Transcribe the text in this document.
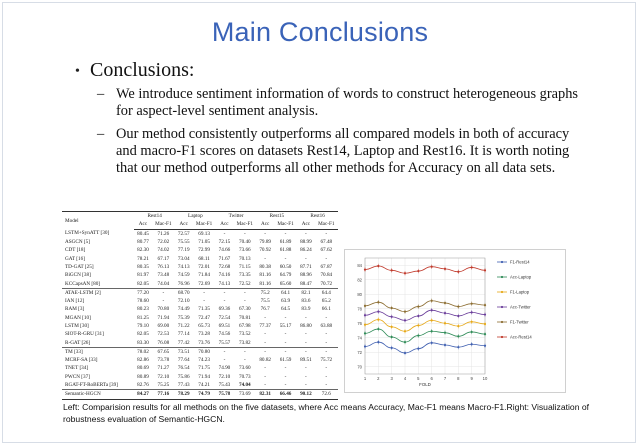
Main Conclusions
• Conclusions:
– We introduce sentiment information of words to construct heterogeneous graphs for aspect-level sentiment analysis.
– Our method consistently outperforms all compared models in both of accuracy and macro-F1 scores on datasets Rest14, Laptop and Rest16. It is worth noting that our method outperforms all other methods for Accuracy on all data sets.
Model	Rest14		Laptop		Twitter		Rest15		Rest16	
	Acc	Mac-F1	Acc	Mac-F1	Acc	Mac-F1	Acc	Mac-F1	Acc	Mac-F1
LSTM+SynATT [30]	80.45	71.26	72.57	69.13	-	-	-	-	-	-
ASGCN [5]	80.77	72.02	75.55	71.05	72.15	70.40	79.89	61.89	88.99	67.48
CDT [18]	82.30	74.02	77.19	72.99	74.66	73.66	70.92	61.88	86.24	67.62
GAT [16]	78.21	67.17	73.04	68.11	71.67	70.13	-	-	-	-
TD-GAT [25]	80.35	76.13	74.13	72.01	72.68	71.15	80.38	60.50	87.71	67.87
BiGCN [38]	81.97	73.48	74.59	71.84	74.16	73.35	81.16	64.79	88.96	70.84
KCCapsAN [80]	82.05	74.04	76.96	72.69	74.13	72.52	81.16	65.60	88.47	70.72
ATAE-LSTM [2]	77.20	-	68.70	-	-	-	75.2	64.1	82.1	64.4
IAN [12]	78.60	-	72.10	-	-	-	75.5	63.9	83.6	65.2
RAM [3]	80.23	70.80	74.49	71.35	69.36	67.30	76.7	64.5	83.9	66.1
MGAN [10]	81.25	71.94	75.39	72.47	72.54	70.81	-	-	-	-
LSTM [30]	79.10	69.00	71.22	65.73	69.51	67.98	77.37	55.17	86.80	63.88
SIOT-R-GRU [31]	82.05	72.53	77.14	73.28	74.56	73.52	-	-	-	-
R-GAT [26]	83.30	76.08	77.42	73.76	75.57	73.82	-	-	-	-
TM [33]	78.02	67.65	73.51	70.80	-	-	-	-	-	-
MCRF-SA [33]	82.86	73.78	77.64	74.23	-	-	80.82	61.59	89.51	75.72
TNET [34]	80.69	71.27	76.54	71.75	74.90	73.60	-	-	-	-
PWCN [37]	80.89	72.10	75.86	71.94	72.10	70.73	-	-	-	-
RGAT-FT-RoBERTa [39]	82.76	75.25	77.43	74.21	75.43	74.04	-	-	-	-
Semantic-HGCN	84.27	77.16	78.29	74.79	75.78	73.69	82.31	66.46	90.12	72.6
70
72
74
76
78
80
82
84
1	2	3	4	5	6	7	8	9 10
FOLD
F1-Rest14
Acc-Laptop
F1-Laptop
Acc-Twitter
F1-Twitter
Acc-Rest14
Left: Comparision results for all methods on the five datasets, where Acc means Accuracy, Mac-F1 means Macro-F1.Right: Visualization of robustness evaluation of Semantic-HGCN.
